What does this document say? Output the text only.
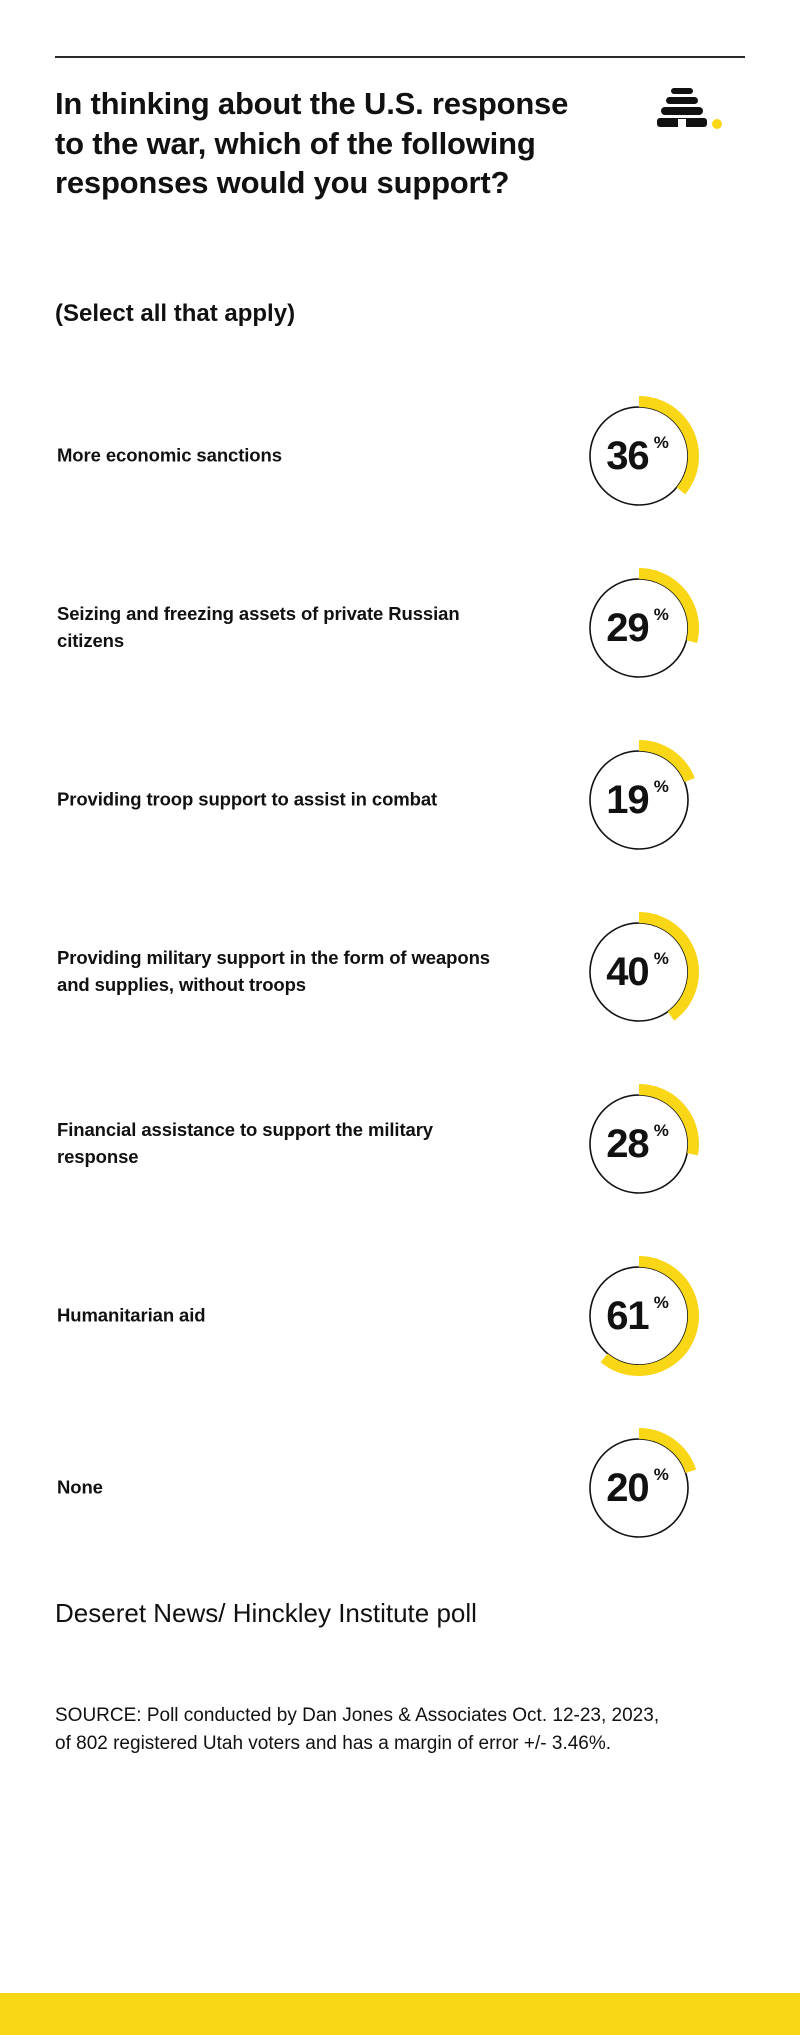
In thinking about the U.S. response to the war, which of the following responses would you support?
(Select all that apply)
More economic sanctions	36 %
Seizing and freezing assets of private Russian citizens	29 %
Providing troop support to assist in combat	19 %
Providing military support in the form of weapons and supplies, without troops	40 %
Financial assistance to support the military response	28 %
Humanitarian aid	61 %
None	20 %
Deseret News/ Hinckley Institute poll
SOURCE: Poll conducted by Dan Jones & Associates Oct. 12-23, 2023, of 802 registered Utah voters and has a margin of error +/- 3.46%.
